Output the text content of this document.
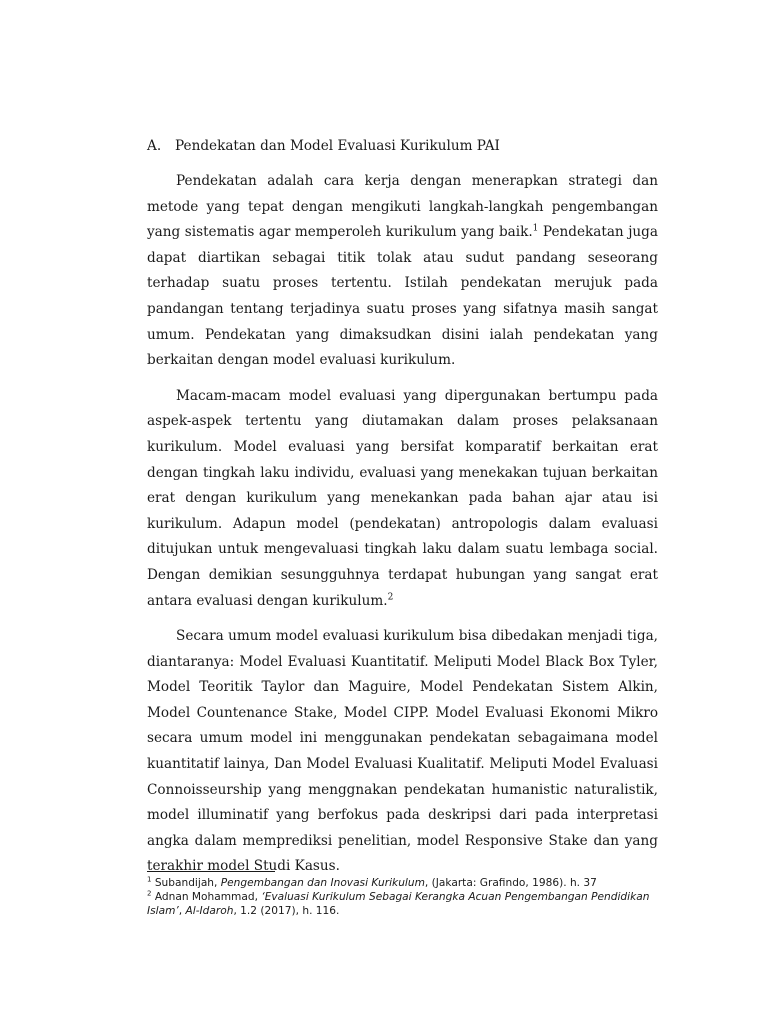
A.	Pendekatan dan Model Evaluasi Kurikulum PAI

Pendekatan adalah cara kerja dengan menerapkan strategi dan metode yang tepat dengan mengikuti langkah-langkah pengembangan yang sistematis agar memperoleh kurikulum yang baik.$^1$ Pendekatan juga dapat diartikan sebagai titik tolak atau sudut pandang seseorang terhadap suatu proses tertentu. Istilah pendekatan merujuk pada pandangan tentang terjadinya suatu proses yang sifatnya masih sangat umum. Pendekatan yang dimaksudkan disini ialah pendekatan yang berkaitan dengan model evaluasi kurikulum.

Macam-macam model evaluasi yang dipergunakan bertumpu pada aspek-aspek tertentu yang diutamakan dalam proses pelaksanaan kurikulum. Model evaluasi yang bersifat komparatif berkaitan erat dengan tingkah laku individu, evaluasi yang menekakan tujuan berkaitan erat dengan kurikulum yang menekankan pada bahan ajar atau isi kurikulum. Adapun model (pendekatan) antropologis dalam evaluasi ditujukan untuk mengevaluasi tingkah laku dalam suatu lembaga social. Dengan demikian sesungguhnya terdapat hubungan yang sangat erat antara evaluasi dengan kurikulum.$^2$

Secara umum model evaluasi kurikulum bisa dibedakan menjadi tiga, diantaranya: Model Evaluasi Kuantitatif. Meliputi Model Black Box Tyler, Model Teoritik Taylor dan Maguire, Model Pendekatan Sistem Alkin, Model Countenance Stake, Model CIPP. Model Evaluasi Ekonomi Mikro secara umum model ini menggunakan pendekatan sebagaimana model kuantitatif lainya, Dan Model Evaluasi Kualitatif. Meliputi Model Evaluasi Connoisseurship yang menggnakan pendekatan humanistic naturalistik, model illuminatif yang berfokus pada deskripsi dari pada interpretasi angka dalam memprediksi penelitian, model Responsive Stake dan yang terakhir model Studi Kasus.

$^1$ Subandijah, Pengembangan dan Inovasi Kurikulum, (Jakarta: Grafindo, 1986). h. 37

$^2$ Adnan Mohammad, ‘Evaluasi Kurikulum Sebagai Kerangka Acuan Pengembangan Pendidikan Islam’, Al-Idaroh, 1.2 (2017), h. 116.
